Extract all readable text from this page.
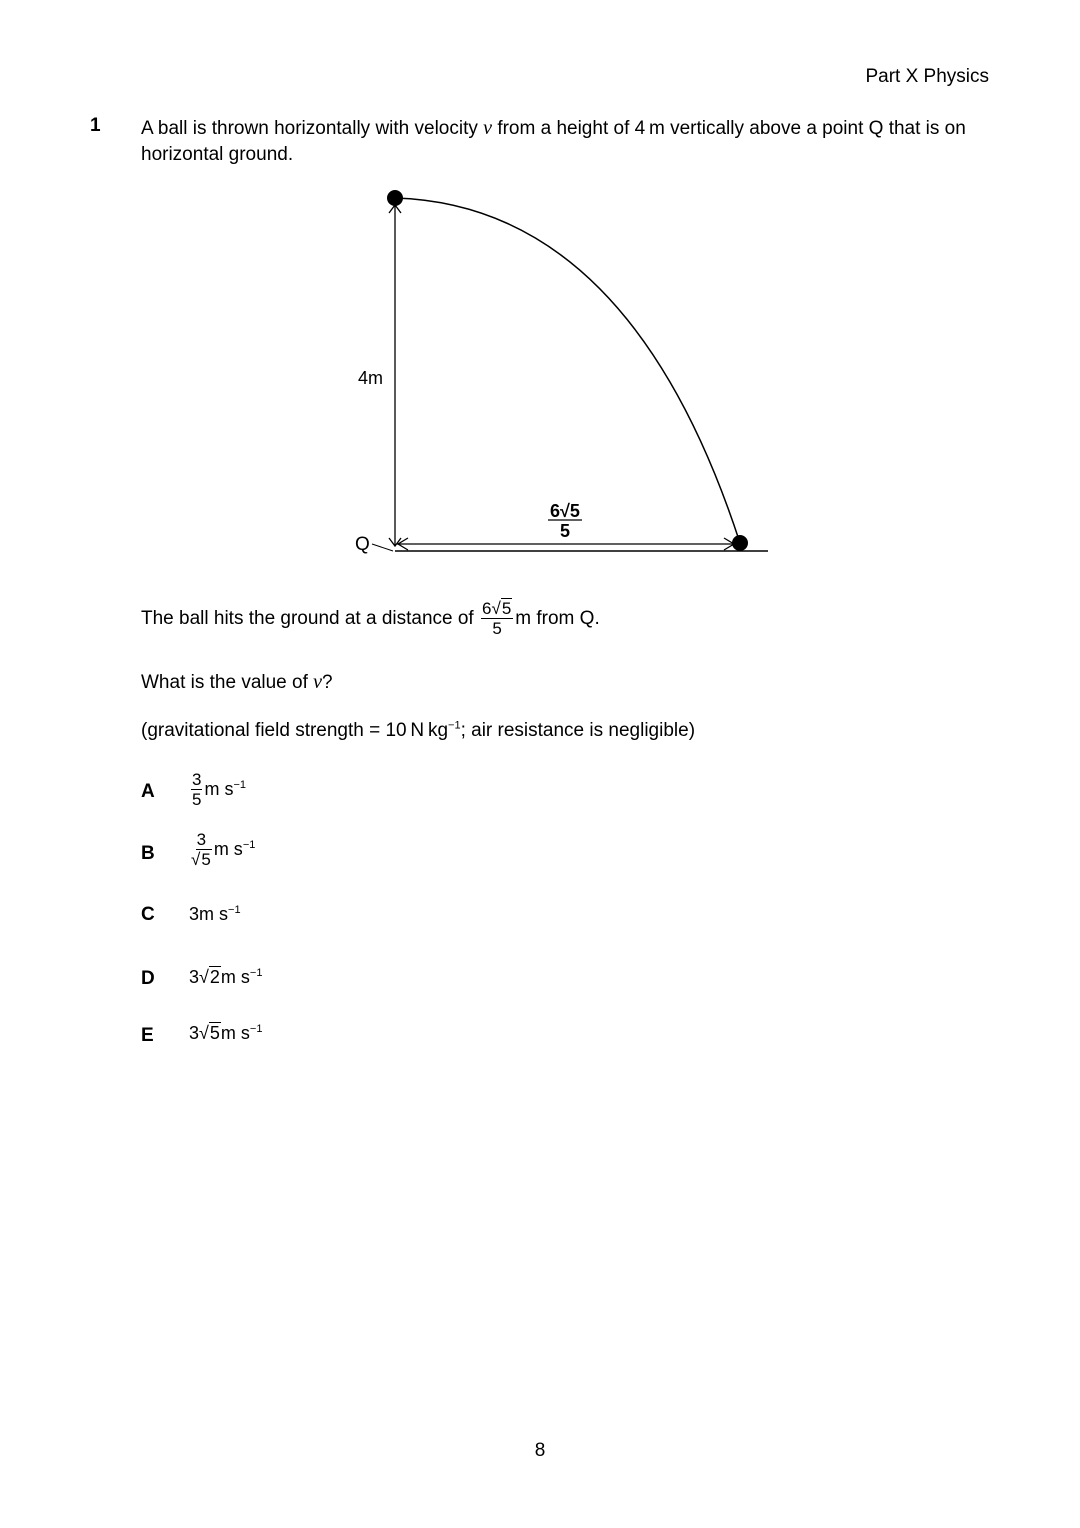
Part X Physics
1 A ball is thrown horizontally with velocity v from a height of 4 m vertically above a point Q that is on horizontal ground.
4m
Q
6√5
5
The ball hits the ground at a distance of $\frac{6√5}{5}$ m from Q.
What is the value of v?
(gravitational field strength = 10 N $kg^{-1}$; air resistance is negligible)
A $\frac{3}{5}$ m $s^{-1}$
B $\frac{3}{√5}$ m $s^{-1}$
C 3m $s^{-1}$
D 3√2m $s^{-1}$
E 3√5m $s^{-1}$
8
